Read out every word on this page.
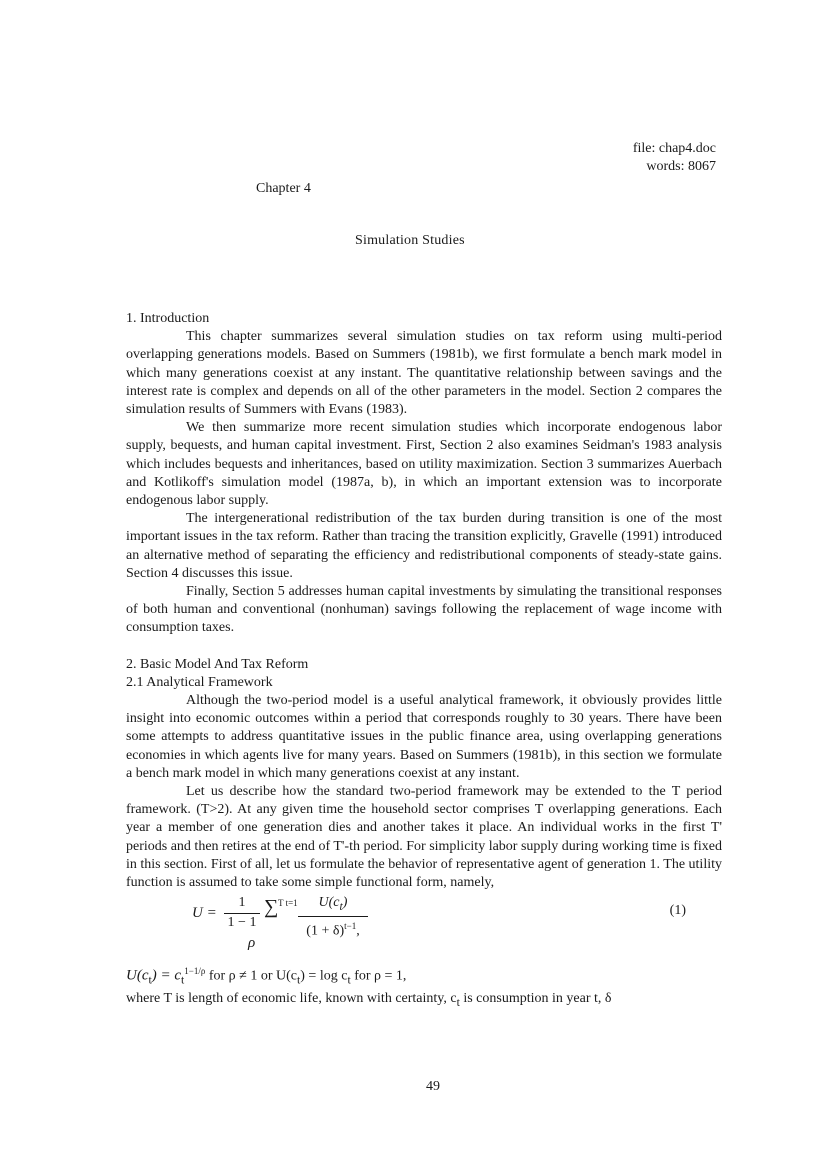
file: chap4.doc
words: 8067
Chapter 4
Simulation Studies

1. Introduction

This chapter summarizes several simulation studies on tax reform using multi-period overlapping generations models. Based on Summers (1981b), we first formulate a bench mark model in which many generations coexist at any instant. The quantitative relationship between savings and the interest rate is complex and depends on all of the other parameters in the model. Section 2 compares the simulation results of Summers with Evans (1983).

We then summarize more recent simulation studies which incorporate endogenous labor supply, bequests, and human capital investment. First, Section 2 also examines Seidman's 1983 analysis which includes bequests and inheritances, based on utility maximization. Section 3 summarizes Auerbach and Kotlikoff's simulation model (1987a, b), in which an important extension was to incorporate endogenous labor supply.

The intergenerational redistribution of the tax burden during transition is one of the most important issues in the tax reform. Rather than tracing the transition explicitly, Gravelle (1991) introduced an alternative method of separating the efficiency and redistributional components of steady-state gains. Section 4 discusses this issue.

Finally, Section 5 addresses human capital investments by simulating the transitional responses of both human and conventional (nonhuman) savings following the replacement of wage income with consumption taxes.

2. Basic Model And Tax Reform

2.1 Analytical Framework

Although the two-period model is a useful analytical framework, it obviously provides little insight into economic outcomes within a period that corresponds roughly to 30 years. There have been some attempts to address quantitative issues in the public finance area, using overlapping generations economies in which agents live for many years. Based on Summers (1981b), in this section we formulate a bench mark model in which many generations coexist at any instant.

Let us describe how the standard two-period framework may be extended to the T period framework. (T>2). At any given time the household sector comprises T overlapping generations. Each year a member of one generation dies and another takes it place. An individual works in the first T' periods and then retires at the end of T'-th period. For simplicity labor supply during working time is fixed in this section. First of all, let us formulate the behavior of representative agent of generation 1. The utility function is assumed to take some simple functional form, namely,

$U = \frac{1}{1 - 1}$
ρ
∑ T $t=1 \frac{U(c_t)}{(1 + \delta)^{t-1},}$	(1)

$U(c_t) = c_t^{1-1/\rho}$ for ρ ≠ 1 or $U(c_t) = \log c_t$ for ρ = 1,

where T is length of economic life, known with certainty, $c_t$ is consumption in year t, δ

49
